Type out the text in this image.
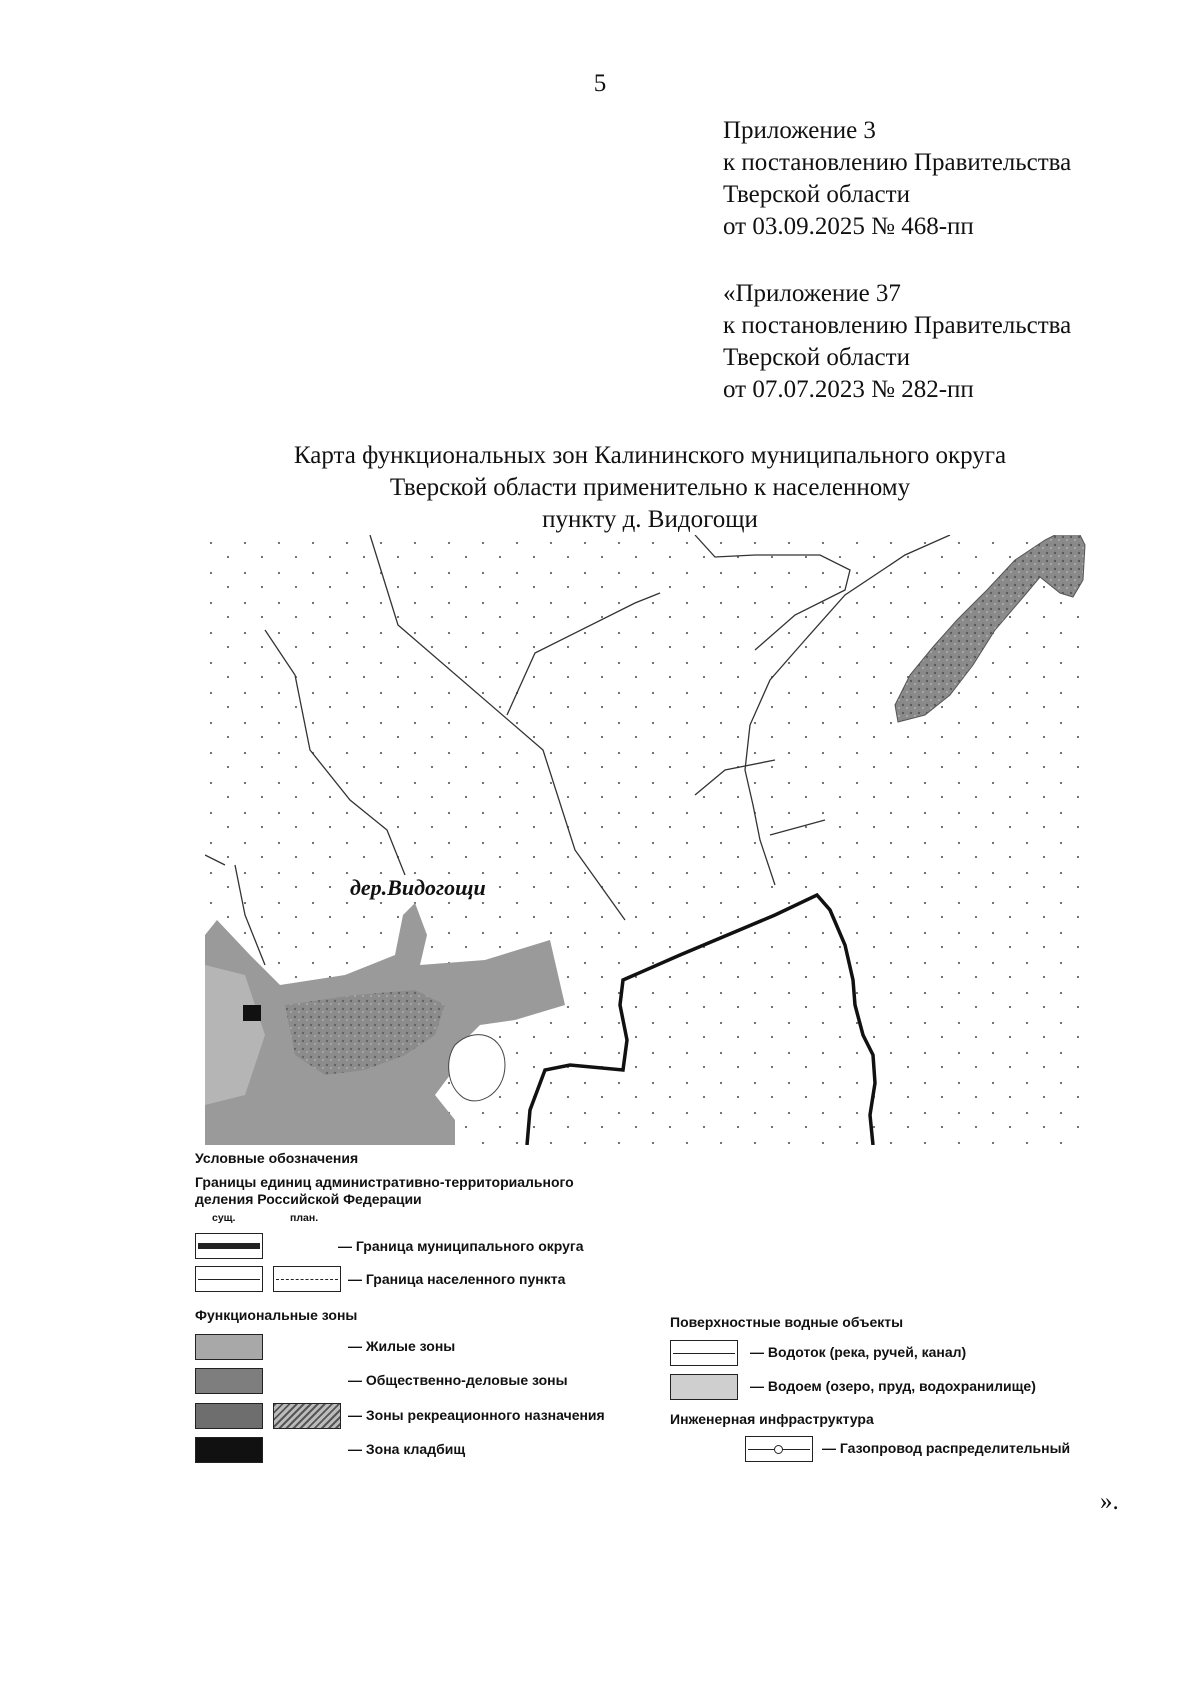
5
Приложение 3
к постановлению Правительства
Тверской области
от 03.09.2025 № 468-пп
«Приложение 37
к постановлению Правительства
Тверской области
от 07.07.2023 № 282-пп
Карта функциональных зон Калининского муниципального округа
Тверской области применительно к населенному
пункту д. Видогощи
дер.Видогощи
Условные обозначения
Границы единиц административно-территориального
деления Российской Федерации
сущ.	план.
— Граница муниципального округа
— Граница населенного пункта
Функциональные зоны
— Жилые зоны
— Общественно-деловые зоны
— Зоны рекреационного назначения
— Зона кладбищ
Поверхностные водные объекты
— Водоток (река, ручей, канал)
— Водоем (озеро, пруд, водохранилище)
Инженерная инфраструктура
— Газопровод распределительный
».
